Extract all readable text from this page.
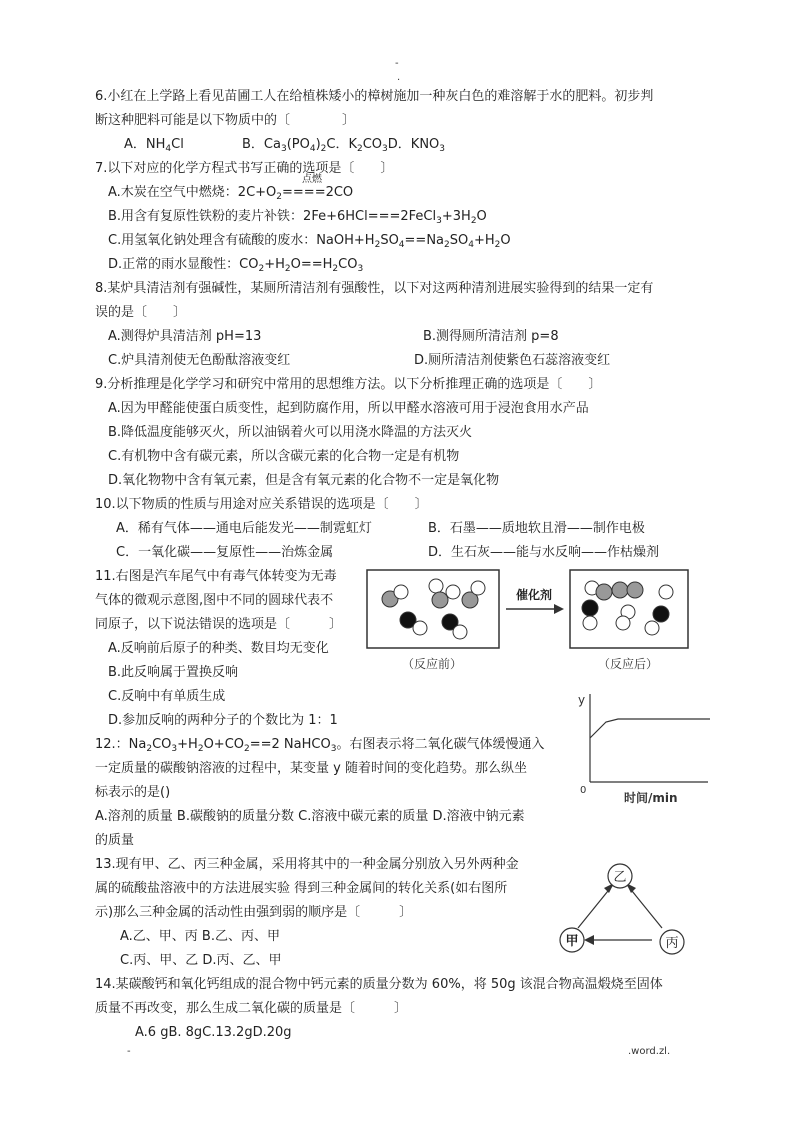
-
.
6.小红在上学路上看见苗圃工人在给植株矮小的樟树施加一种灰白色的难溶解于水的肥料。初步判
断这种肥料可能是以下物质中的〔　　　　〕
A．$NH_4Cl$	B．$Ca_3(PO_4)_2C$．$K_2CO_3D$．$KNO_3$
7.以下对应的化学方程式书写正确的选项是〔　　〕
点燃
A.木炭在空气中燃烧：$2C+O_2====2CO$
B.用含有复原性铁粉的麦片补铁：$2Fe+6HCl===2FeCl_3+3H_2O$
C.用氢氧化钠处理含有硫酸的废水：$NaOH+H_2SO_4==Na_2SO_4+H_2O$
D.正常的雨水显酸性：$CO_2+H_2O==H_2CO_3$
8.某炉具清洁剂有强碱性，某厕所清洁剂有强酸性，以下对这两种清剂进展实验得到的结果一定有
误的是〔　　〕
A.测得炉具清洁剂 pH=13	B.测得厕所清洁剂 p=8
C.炉具清剂使无色酚酞溶液变红	D.厕所清洁剂使紫色石蕊溶液变红
9.分析推理是化学学习和研究中常用的思想维方法。以下分析推理正确的选项是〔　　〕
A.因为甲醛能使蛋白质变性，起到防腐作用，所以甲醛水溶液可用于浸泡食用水产品
B.降低温度能够灭火，所以油锅着火可以用浇水降温的方法灭火
C.有机物中含有碳元素，所以含碳元素的化合物一定是有机物
D.氧化物物中含有氧元素，但是含有氧元素的化合物不一定是氧化物
10.以下物质的性质与用途对应关系错误的选项是〔　　〕
A．稀有气体——通电后能发光——制霓虹灯	B．石墨——质地软且滑——制作电极
C．一氧化碳——复原性——治炼金属	D．生石灰——能与水反响——作枯燥剂
11.右图是汽车尾气中有毒气体转变为无毒
气体的微观示意图,图中不同的圆球代表不
同原子，以下说法错误的选项是〔　　　〕
A.反响前后原子的种类、数目均无变化
B.此反响属于置换反响
C.反响中有单质生成
D.参加反响的两种分子的个数比为 1：1
催化剂
（反应前）	（反应后）
12.：$Na_2CO_3+H_2O+CO_2==2$ NaHCO$_3$。右图表示将二氧化碳气体缓慢通入
一定质量的碳酸钠溶液的过程中，某变量 y 随着时间的变化趋势。那么纵坐
标表示的是()
A.溶剂的质量 B.碳酸钠的质量分数 C.溶液中碳元素的质量 D.溶液中钠元素
的质量
y
0
时间/min
13.现有甲、乙、丙三种金属，采用将其中的一种金属分别放入另外两种金
属的硫酸盐溶液中的方法进展实验 得到三种金属间的转化关系(如右图所
示)那么三种金属的活动性由强到弱的顺序是〔　　　〕
A.乙、甲、丙 B.乙、丙、甲
C.丙、甲、乙 D.丙、乙、甲
乙
甲	丙
14.某碳酸钙和氧化钙组成的混合物中钙元素的质量分数为 60%，将 50g 该混合物高温煅烧至固体
质量不再改变，那么生成二氧化碳的质量是〔　　　〕
A.6 gB. 8gC.13.2gD.20g
-	.word.zl.
